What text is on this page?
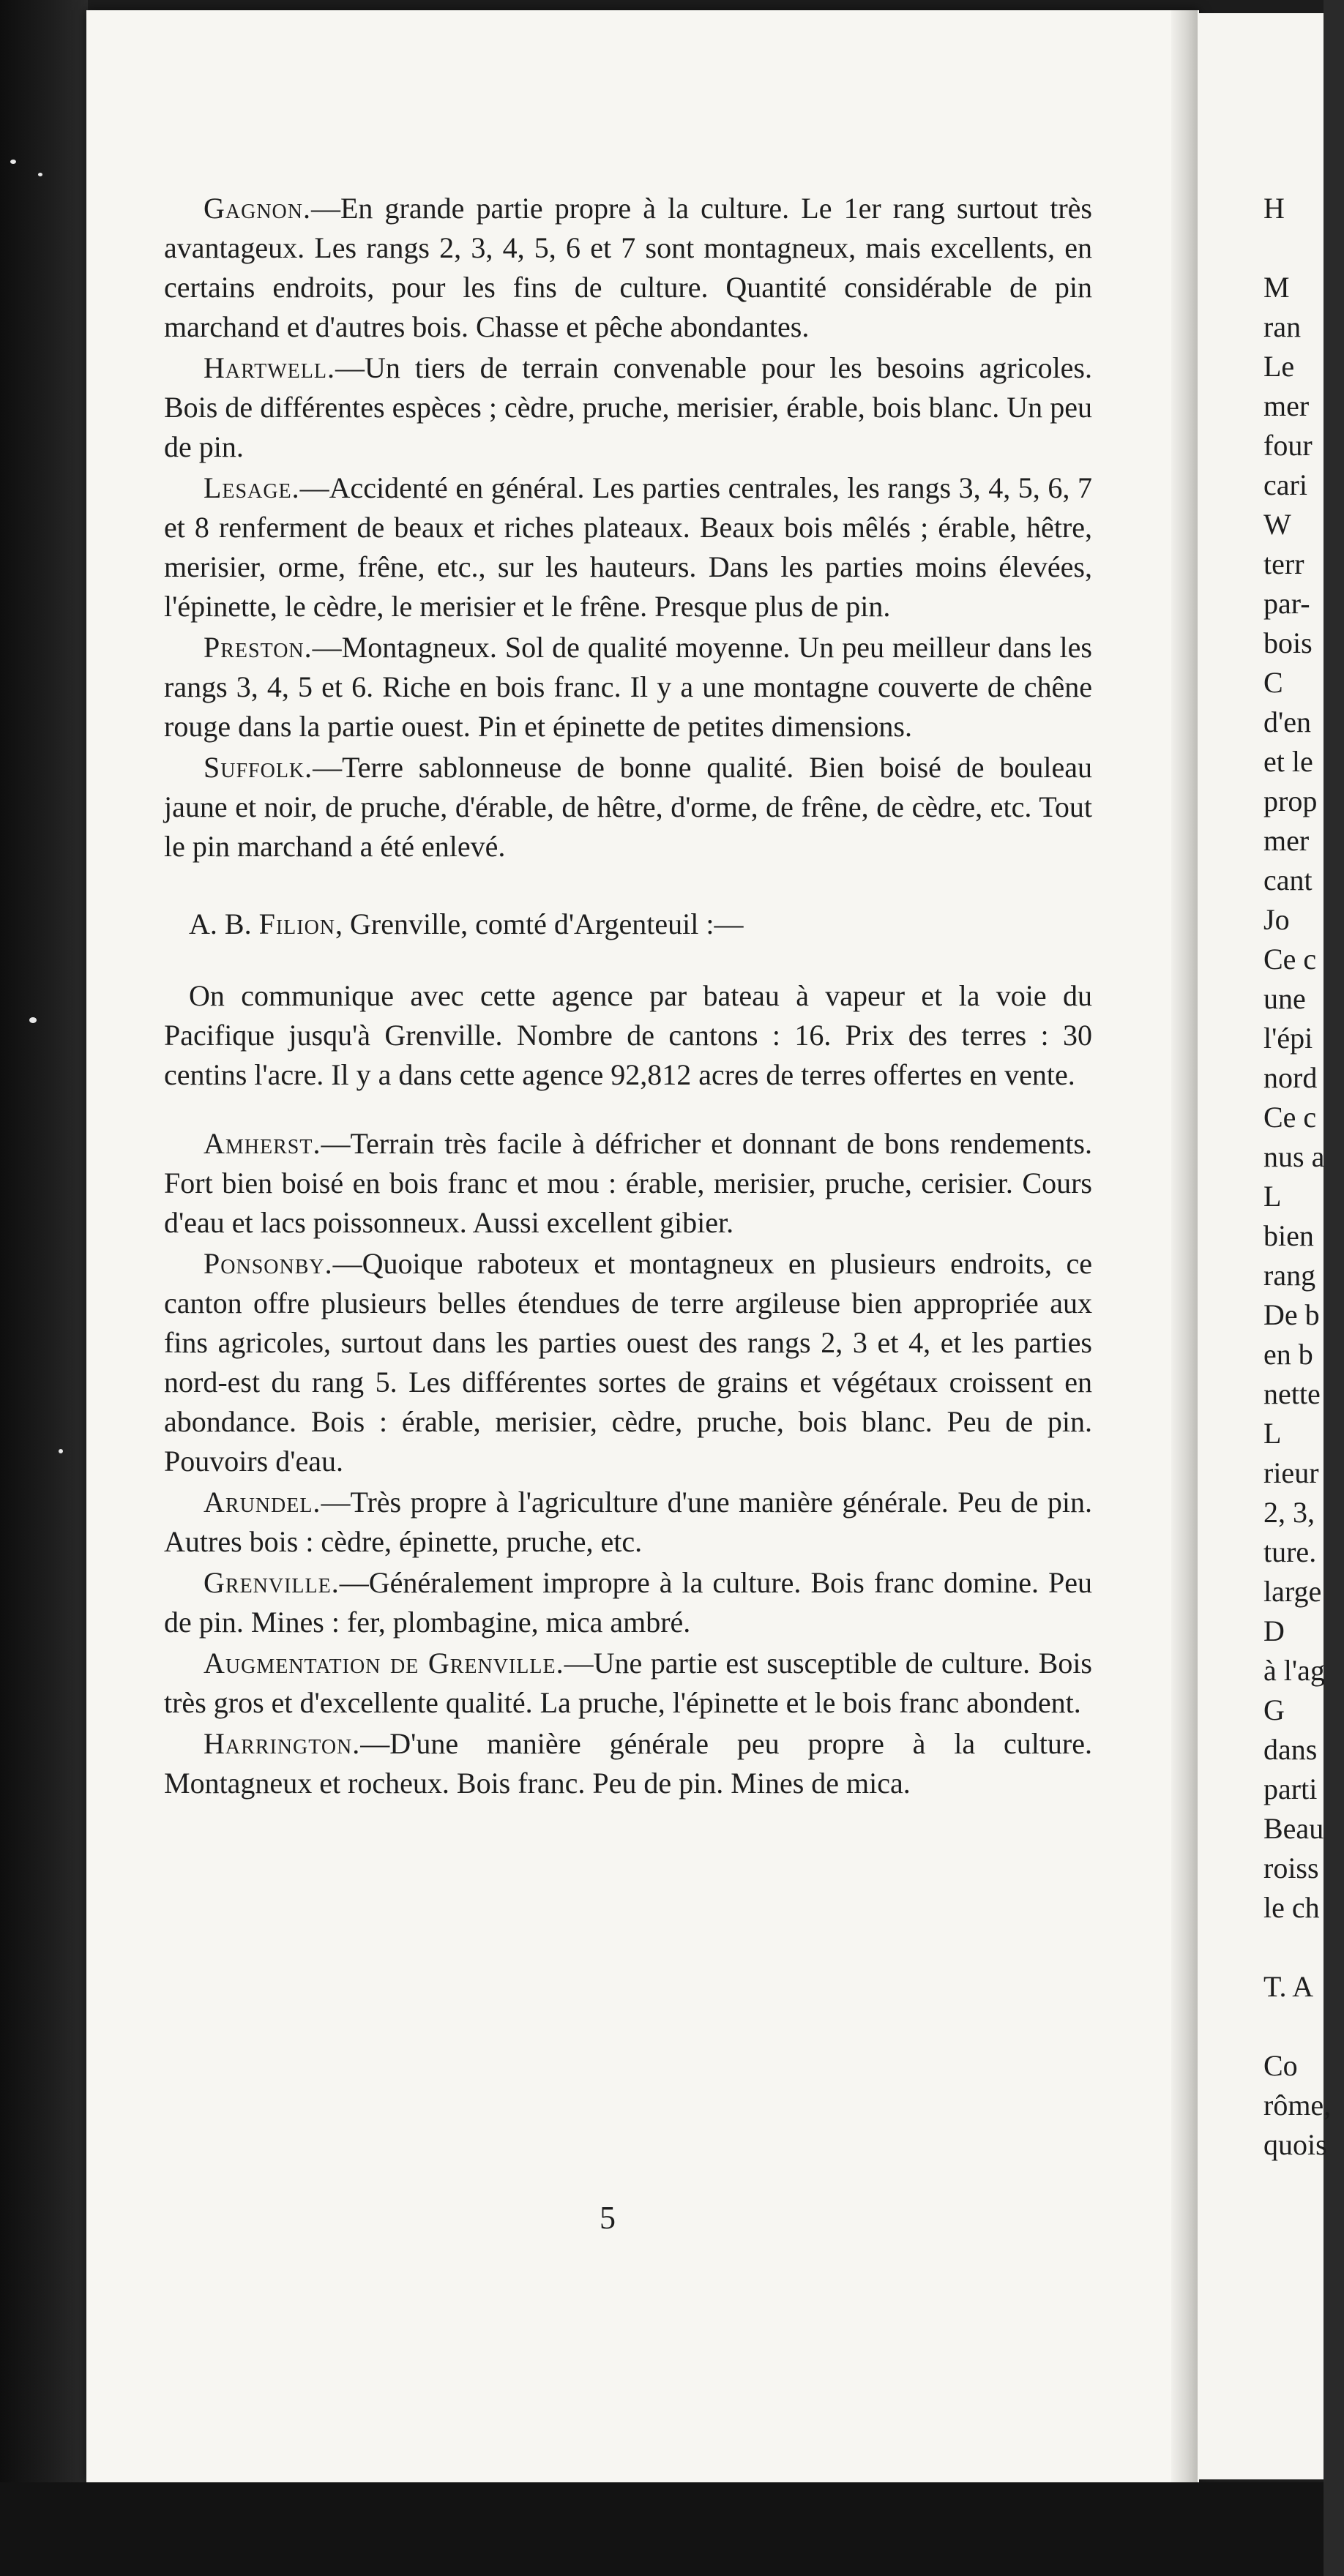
Gagnon.—En grande partie propre à la culture. Le 1er rang surtout très avantageux. Les rangs 2, 3, 4, 5, 6 et 7 sont montagneux, mais excellents, en certains endroits, pour les fins de culture. Quantité considérable de pin marchand et d'autres bois. Chasse et pêche abondantes.

Hartwell.—Un tiers de terrain convenable pour les besoins agricoles. Bois de différentes espèces ; cèdre, pruche, merisier, érable, bois blanc. Un peu de pin.

Lesage.—Accidenté en général. Les parties centrales, les rangs 3, 4, 5, 6, 7 et 8 renferment de beaux et riches plateaux. Beaux bois mêlés ; érable, hêtre, merisier, orme, frêne, etc., sur les hauteurs. Dans les parties moins élevées, l'épinette, le cèdre, le merisier et le frêne. Presque plus de pin.

Preston.—Montagneux. Sol de qualité moyenne. Un peu meilleur dans les rangs 3, 4, 5 et 6. Riche en bois franc. Il y a une montagne couverte de chêne rouge dans la partie ouest. Pin et épinette de petites dimensions.

Suffolk.—Terre sablonneuse de bonne qualité. Bien boisé de bouleau jaune et noir, de pruche, d'érable, de hêtre, d'orme, de frêne, de cèdre, etc. Tout le pin marchand a été enlevé.

A. B. Filion, Grenville, comté d'Argenteuil :—

On communique avec cette agence par bateau à vapeur et la voie du Pacifique jusqu'à Grenville. Nombre de cantons : 16. Prix des terres : 30 centins l'acre. Il y a dans cette agence 92,812 acres de terres offertes en vente.

Amherst.—Terrain très facile à défricher et donnant de bons rendements. Fort bien boisé en bois franc et mou : érable, merisier, pruche, cerisier. Cours d'eau et lacs poissonneux. Aussi excellent gibier.

Ponsonby.—Quoique raboteux et montagneux en plusieurs endroits, ce canton offre plusieurs belles étendues de terre argileuse bien appropriée aux fins agricoles, surtout dans les parties ouest des rangs 2, 3 et 4, et les parties nord-est du rang 5. Les différentes sortes de grains et végétaux croissent en abondance. Bois : érable, merisier, cèdre, pruche, bois blanc. Peu de pin. Pouvoirs d'eau.

Arundel.—Très propre à l'agriculture d'une manière générale. Peu de pin. Autres bois : cèdre, épinette, pruche, etc.

Grenville.—Généralement impropre à la culture. Bois franc domine. Peu de pin. Mines : fer, plombagine, mica ambré.

Augmentation de Grenville.—Une partie est susceptible de culture. Bois très gros et d'excellente qualité. La pruche, l'épinette et le bois franc abondent.

Harrington.—D'une manière générale peu propre à la culture. Montagneux et rocheux. Bois franc. Peu de pin. Mines de mica.

5
H
M
ran
Le
mer
four
cari
W
terr
par-
bois
C
d'en
et le
prop
mer
cant
Jo
Ce c
une
l'épi
nord
Ce c
nus a
L
bien
rang
De b
en b
nette
L
rieur
2, 3,
ture.
large
D
à l'ag
G
dans
parti
Beau
roiss
le ch
T. A
Co
rôme,
quois
